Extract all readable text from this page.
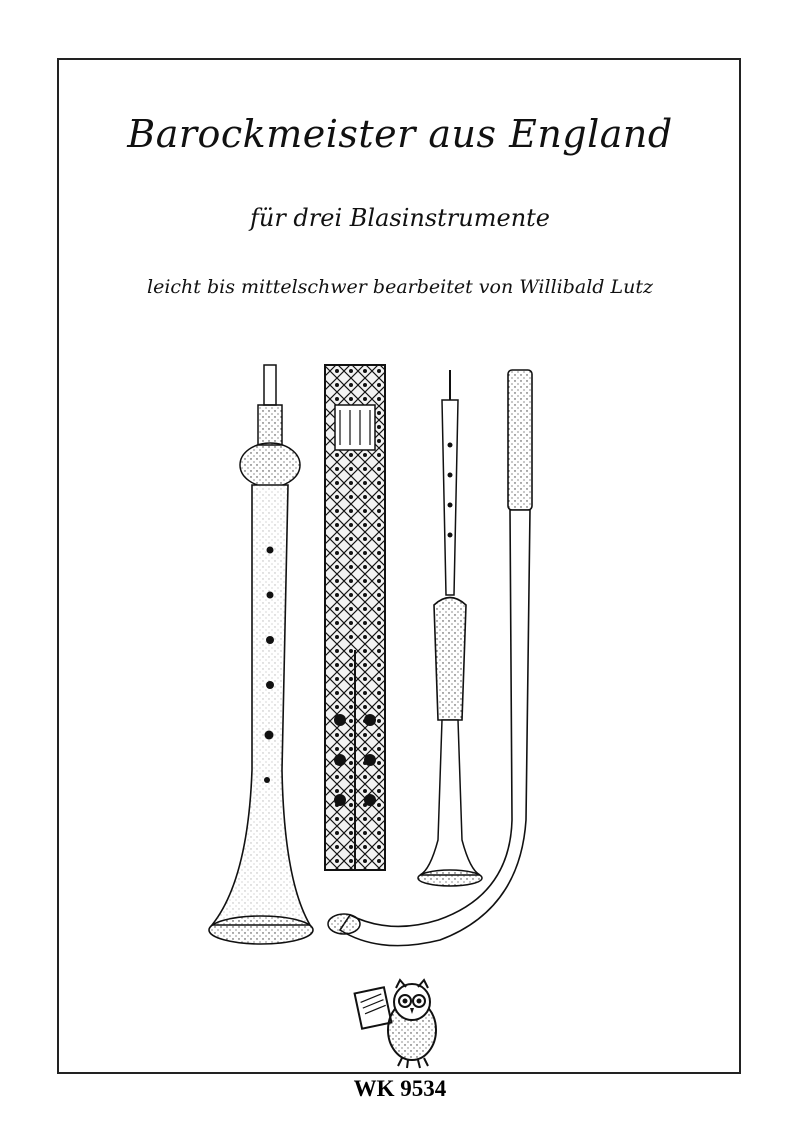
Barockmeister aus England
für drei Blasinstrumente
leicht bis mittelschwer bearbeitet von Willibald Lutz
WK 9534
